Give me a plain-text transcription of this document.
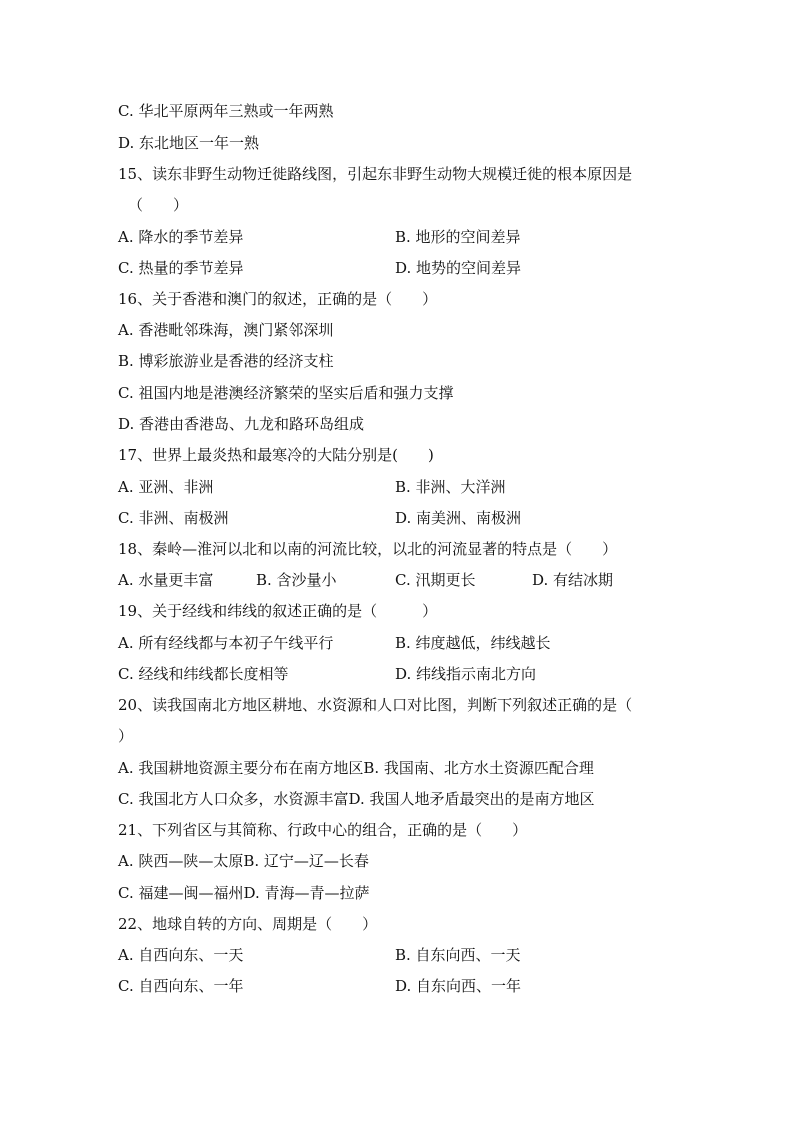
C. 华北平原两年三熟或一年两熟
D. 东北地区一年一熟
15、读东非野生动物迁徙路线图，引起东非野生动物大规模迁徙的根本原因是
（　　）
A. 降水的季节差异	B. 地形的空间差异
C. 热量的季节差异	D. 地势的空间差异
16、关于香港和澳门的叙述，正确的是（　　）
A. 香港毗邻珠海，澳门紧邻深圳
B. 博彩旅游业是香港的经济支柱
C. 祖国内地是港澳经济繁荣的坚实后盾和强力支撑
D. 香港由香港岛、九龙和路环岛组成
17、世界上最炎热和最寒冷的大陆分别是(　　)
A. 亚洲、非洲	B. 非洲、大洋洲
C. 非洲、南极洲	D. 南美洲、南极洲
18、秦岭—淮河以北和以南的河流比较，以北的河流显著的特点是（　　）
A. 水量更丰富	B. 含沙量小	C. 汛期更长	D. 有结冰期
19、关于经线和纬线的叙述正确的是（　　　）
A. 所有经线都与本初子午线平行	B. 纬度越低，纬线越长
C. 经线和纬线都长度相等	D. 纬线指示南北方向
20、读我国南北方地区耕地、水资源和人口对比图，判断下列叙述正确的是（
）
A. 我国耕地资源主要分布在南方地区B. 我国南、北方水土资源匹配合理
C. 我国北方人口众多，水资源丰富D. 我国人地矛盾最突出的是南方地区
21、下列省区与其简称、行政中心的组合，正确的是（　　）
A. 陕西—陕—太原B. 辽宁—辽—长春
C. 福建—闽—福州D. 青海—青—拉萨
22、地球自转的方向、周期是（　　）
A. 自西向东、一天	B. 自东向西、一天
C. 自西向东、一年	D. 自东向西、一年
